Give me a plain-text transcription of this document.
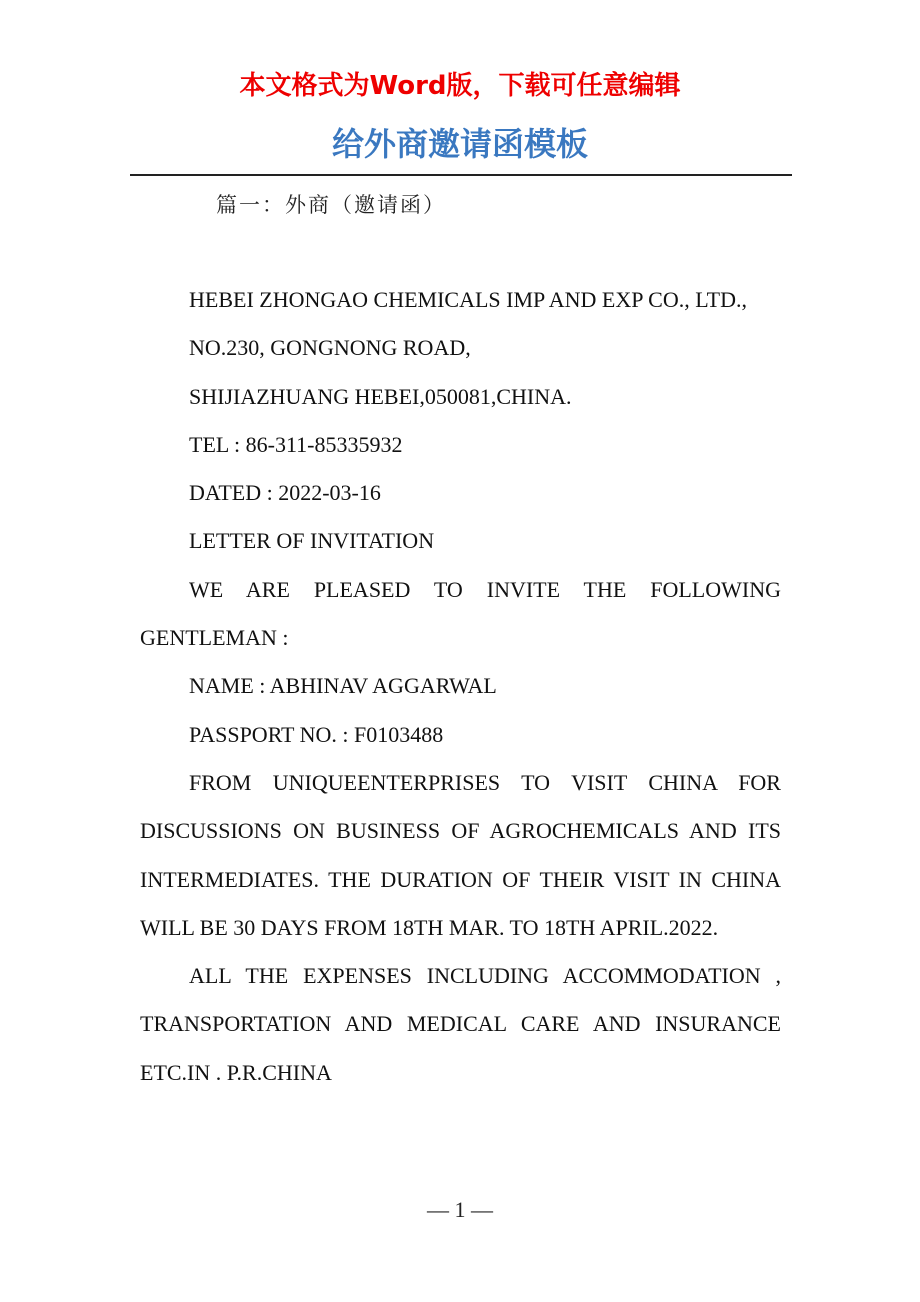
本文格式为Word版，下载可任意编辑
给外商邀请函模板
篇一：外商（邀请函）

HEBEI ZHONGAO CHEMICALS IMP AND EXP CO., LTD.,

NO.230, GONGNONG ROAD,

SHIJIAZHUANG HEBEI,050081,CHINA.

TEL : 86-311-85335932

DATED : 2022-03-16

LETTER OF INVITATION

WE ARE PLEASED TO INVITE THE FOLLOWING GENTLEMAN :

NAME : ABHINAV AGGARWAL

PASSPORT NO. : F0103488

FROM UNIQUEENTERPRISES TO VISIT CHINA FOR DISCUSSIONS ON BUSINESS OF AGROCHEMICALS AND ITS INTERMEDIATES. THE DURATION OF THEIR VISIT IN CHINA WILL BE 30 DAYS FROM 18TH MAR. TO 18TH APRIL.2022.

ALL THE EXPENSES INCLUDING ACCOMMODATION , TRANSPORTATION AND MEDICAL CARE AND INSURANCE ETC.IN . P.R.CHINA

— 1 —
